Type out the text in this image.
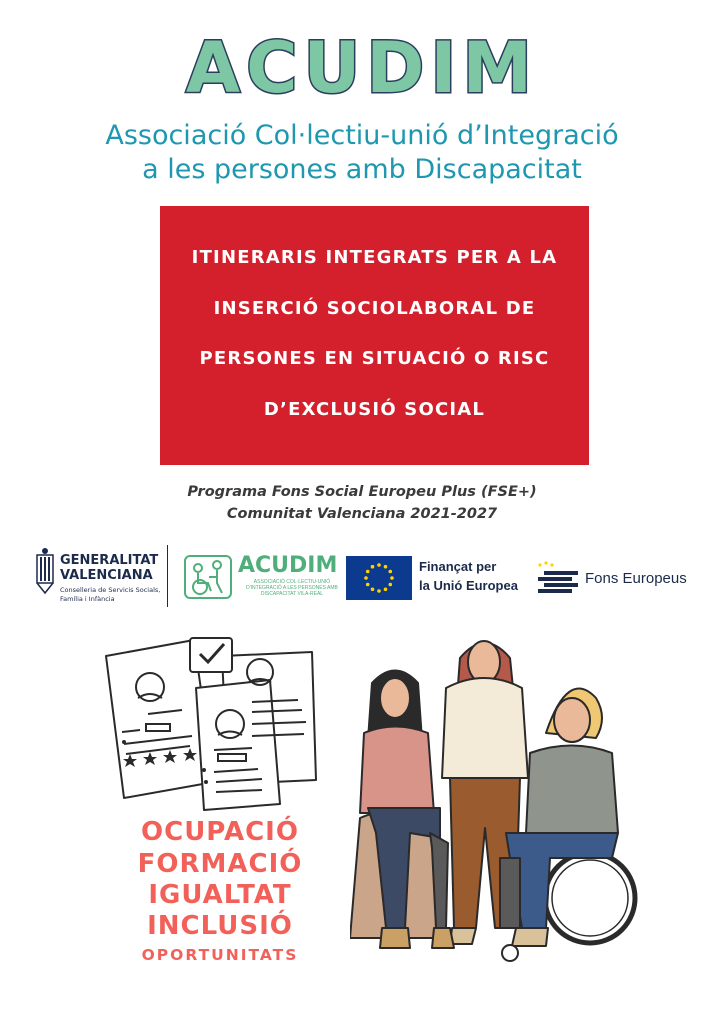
ACUDIM
Associació Col·lectiu-unió d’Integració
a les persones amb Discapacitat
ITINERARIS INTEGRATS PER A LA
INSERCIÓ SOCIOLABORAL DE
PERSONES EN SITUACIÓ O RISC
D’EXCLUSIÓ SOCIAL
Programa Fons Social Europeu Plus (FSE+)
Comunitat Valenciana 2021-2027
GENERALITAT
VALENCIANA
Conselleria de Servicis Socials,
Família i Infància
ACUDIM
ASSOCIACIÓ COL·LECTIU-UNIÓ
D'INTEGRACIÓ A LES PERSONES AMB
DISCAPACITAT VILA-REAL
Finançat per
la Unió Europea	Fons Europeus
OCUPACIÓ
FORMACIÓ
IGUALTAT
INCLUSIÓ
OPORTUNITATS
